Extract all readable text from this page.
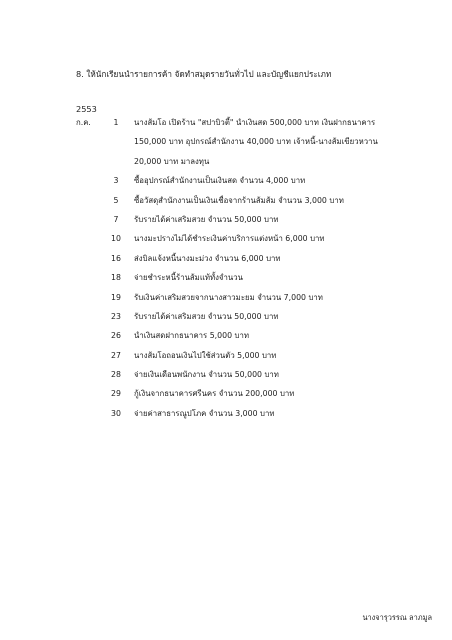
8. ให้นักเรียนนำรายการค้า จัดทำสมุดรายวันทั่วไป และบัญชีแยกประเภท
2553
ก.ค.	1	นางส้มโอ เปิดร้าน "สปาบิวตี้" นำเงินสด 500,000 บาท เงินฝากธนาคาร
150,000 บาท อุปกรณ์สำนักงาน 40,000 บาท เจ้าหนี้-นางส้มเขียวหวาน
20,000 บาท มาลงทุน
3	ซื้ออุปกรณ์สำนักงานเป็นเงินสด จำนวน 4,000 บาท
5	ซื้อวัสดุสำนักงานเป็นเงินเชื่อจากร้านส้มส้ม จำนวน 3,000 บาท
7	รับรายได้ค่าเสริมสวย จำนวน 50,000 บาท
10	นางมะปรางไม่ได้ชำระเงินค่าบริการแต่งหน้า 6,000 บาท
16	ส่งบิลแจ้งหนี้นางมะม่วง จำนวน 6,000 บาท
18	จ่ายชำระหนี้ร้านส้มแท้ทั้งจำนวน
19	รับเงินค่าเสริมสวยจากนางสาวมะยม จำนวน 7,000 บาท
23	รับรายได้ค่าเสริมสวย จำนวน 50,000 บาท
26	นำเงินสดฝากธนาคาร 5,000 บาท
27	นางส้มโอถอนเงินไปใช้ส่วนตัว 5,000 บาท
28	จ่ายเงินเดือนพนักงาน จำนวน 50,000 บาท
29	กู้เงินจากธนาคารศรีนคร จำนวน 200,000 บาท
30	จ่ายค่าสาธารณูปโภค จำนวน 3,000 บาท
นางจารุวรรณ ลาภมูล
